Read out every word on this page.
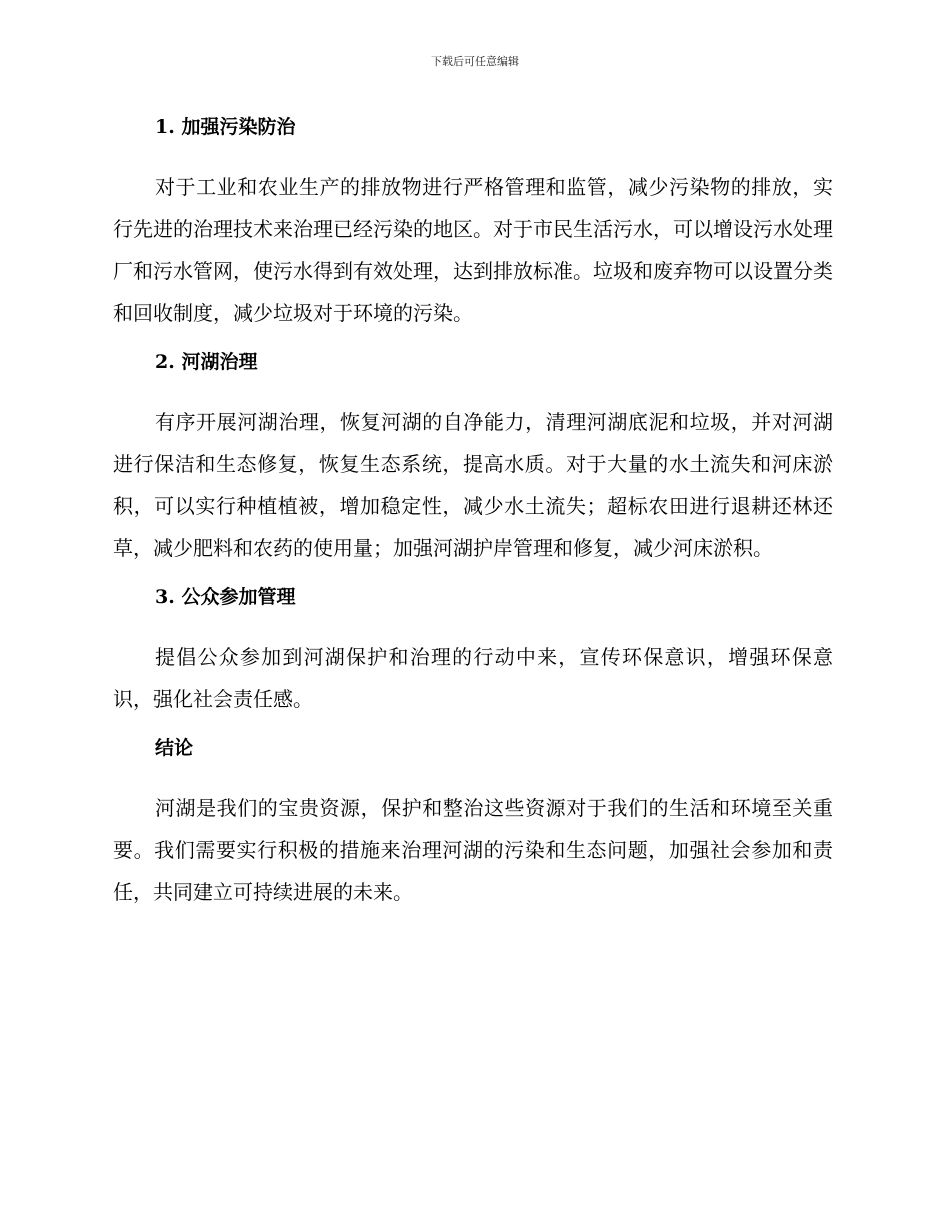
下载后可任意编辑
1. 加强污染防治

对于工业和农业生产的排放物进行严格管理和监管，减少污染物的排放，实行先进的治理技术来治理已经污染的地区。对于市民生活污水，可以增设污水处理厂和污水管网，使污水得到有效处理，达到排放标准。垃圾和废弃物可以设置分类和回收制度，减少垃圾对于环境的污染。

2. 河湖治理

有序开展河湖治理，恢复河湖的自净能力，清理河湖底泥和垃圾，并对河湖进行保洁和生态修复，恢复生态系统，提高水质。对于大量的水土流失和河床淤积，可以实行种植植被，增加稳定性，减少水土流失；超标农田进行退耕还林还草，减少肥料和农药的使用量；加强河湖护岸管理和修复，减少河床淤积。

3. 公众参加管理

提倡公众参加到河湖保护和治理的行动中来，宣传环保意识，增强环保意识，强化社会责任感。

结论

河湖是我们的宝贵资源，保护和整治这些资源对于我们的生活和环境至关重要。我们需要实行积极的措施来治理河湖的污染和生态问题，加强社会参加和责任，共同建立可持续进展的未来。
